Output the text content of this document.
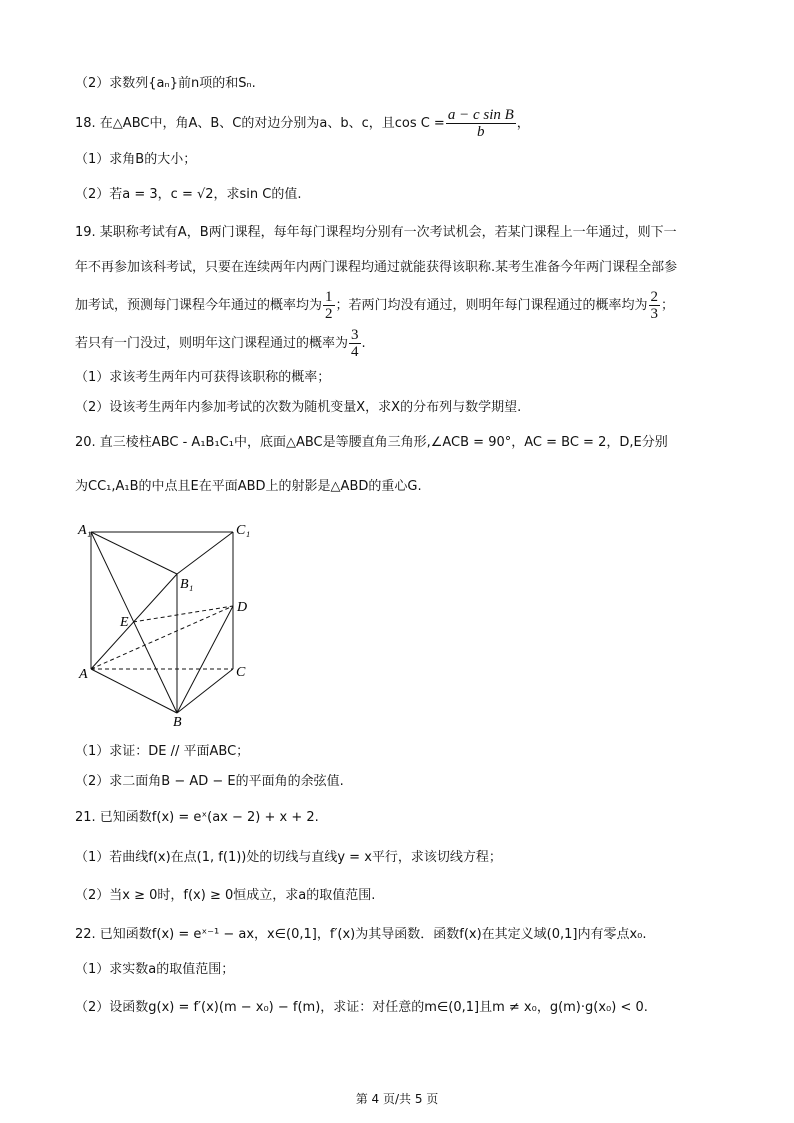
（2）求数列{aₙ}前n项的和Sₙ.
18. 在△ABC中，角A、B、C的对边分别为a、b、c，且$\cos C = \frac{\text{a − c sin B}}{b}$ ，
（1）求角B的大小；
（2）若a = 3，c = √2，求sin C的值.
19. 某职称考试有A，B两门课程，每年每门课程均分别有一次考试机会，若某门课程上一年通过，则下一
年不再参加该科考试，只要在连续两年内两门课程均通过就能获得该职称.某考生准备今年两门课程全部参
加考试，预测每门课程今年通过的概率均为 $\frac{1}{2}$ ；若两门均没有通过，则明年每门课程通过的概率均为 $\frac{2}{3}$ ；
若只有一门没过，则明年这门课程通过的概率为 $\frac{3}{4}$ .
（1）求该考生两年内可获得该职称的概率；
（2）设该考生两年内参加考试的次数为随机变量X，求X的分布列与数学期望.
20. 直三棱柱ABC - A₁B₁C₁中，底面△ABC是等腰直角三角形,∠ACB = 90°，AC = BC = 2，D,E分别
为CC₁,A₁B的中点且E在平面ABD上的射影是△ABD的重心G.
A₁	C₁
B₁
D
E
A	C
B
（1）求证：DE // 平面ABC；
（2）求二面角B − AD − E的平面角的余弦值.
21. 已知函数f(x) = eˣ(ax − 2) + x + 2.
（1）若曲线f(x)在点(1, f(1))处的切线与直线y = x平行，求该切线方程；
（2）当x ≥ 0时，f(x) ≥ 0恒成立，求a的取值范围.
22. 已知函数f(x) = eˣ⁻¹ − ax，x∈(0,1]，f′(x)为其导函数．函数f(x)在其定义域(0,1]内有零点x₀.
（1）求实数a的取值范围；
（2）设函数g(x) = f′(x)(m − x₀) − f(m)，求证：对任意的m∈(0,1]且m ≠ x₀，g(m)·g(x₀) < 0.
第 4 页/共 5 页
